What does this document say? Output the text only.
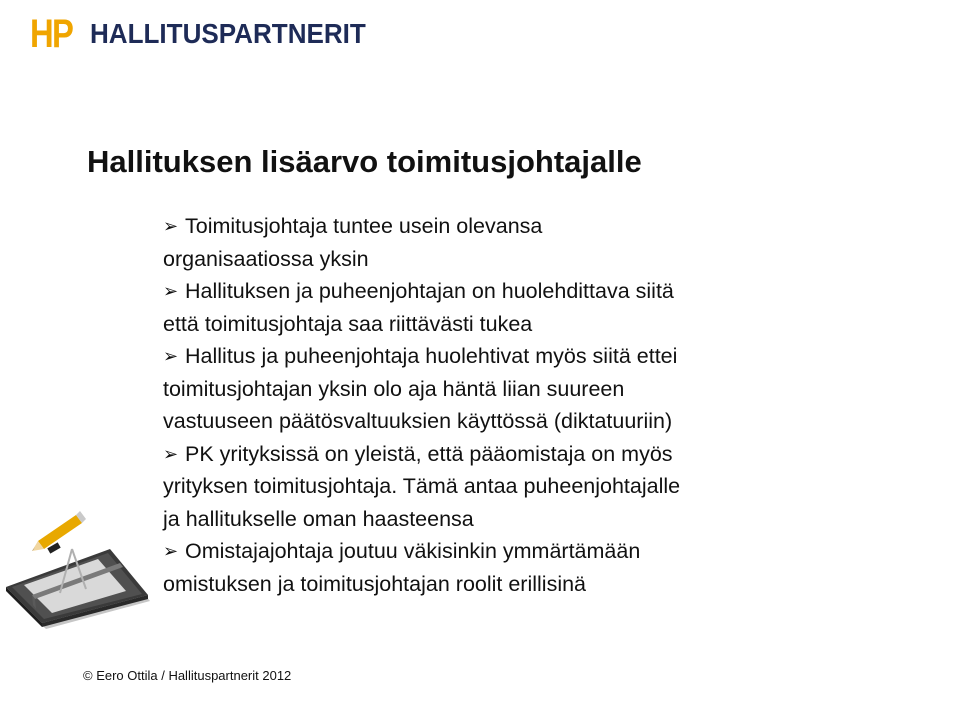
HP HALLITUSPARTNERIT
Hallituksen lisäarvo toimitusjohtajalle
➢ Toimitusjohtaja tuntee usein olevansa
organisaatiossa yksin
➢ Hallituksen ja puheenjohtajan on huolehdittava siitä
että toimitusjohtaja saa riittävästi tukea
➢ Hallitus ja puheenjohtaja huolehtivat myös siitä ettei
toimitusjohtajan yksin olo aja häntä liian suureen
vastuuseen päätösvaltuuksien käyttössä (diktatuuriin)
➢ PK yrityksissä on yleistä, että pääomistaja on myös
yrityksen toimitusjohtaja. Tämä antaa puheenjohtajalle
ja hallitukselle oman haasteensa
➢ Omistajajohtaja joutuu väkisinkin ymmärtämään
omistuksen ja toimitusjohtajan roolit erillisinä
© Eero Ottila / Hallituspartnerit 2012
